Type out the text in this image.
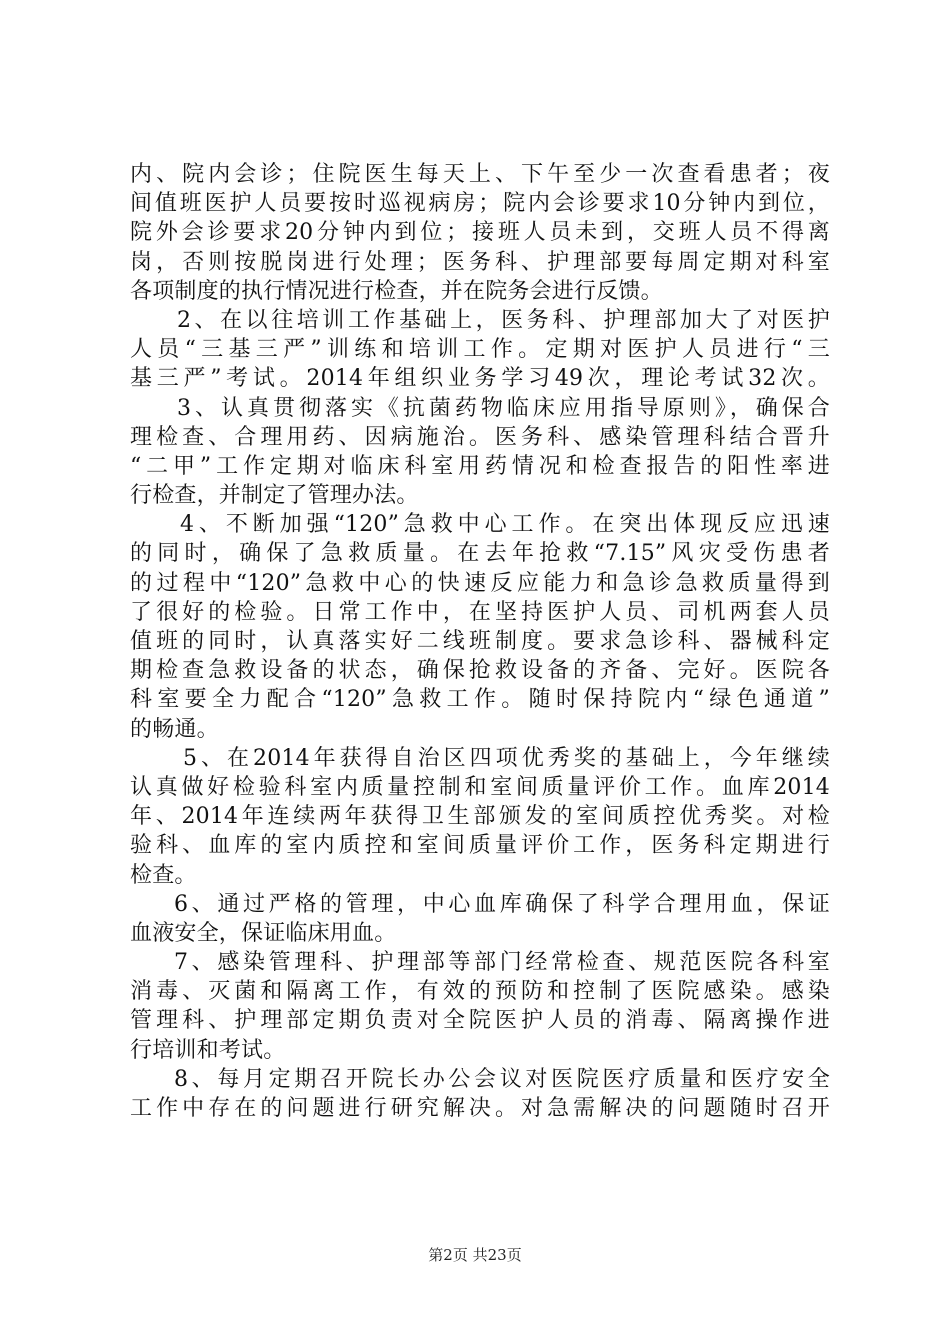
内、院内会诊；住院医生每天上、下午至少一次查看患者；夜
间值班医护人员要按时巡视病房；院内会诊要求10分钟内到位，
院外会诊要求20分钟内到位；接班人员未到，交班人员不得离
岗，否则按脱岗进行处理；医务科、护理部要每周定期对科室
各项制度的执行情况进行检查，并在院务会进行反馈。
2、在以往培训工作基础上，医务科、护理部加大了对医护
人员“三基三严”训练和培训工作。定期对医护人员进行“三
基三严”考试。2014年组织业务学习49次，理论考试32次。
3、认真贯彻落实《抗菌药物临床应用指导原则》，确保合
理检查、合理用药、因病施治。医务科、感染管理科结合晋升
“二甲”工作定期对临床科室用药情况和检查报告的阳性率进
行检查，并制定了管理办法。
4、不断加强“120”急救中心工作。在突出体现反应迅速
的同时，确保了急救质量。在去年抢救“7.15”风灾受伤患者
的过程中“120”急救中心的快速反应能力和急诊急救质量得到
了很好的检验。日常工作中，在坚持医护人员、司机两套人员
值班的同时，认真落实好二线班制度。要求急诊科、器械科定
期检查急救设备的状态，确保抢救设备的齐备、完好。医院各
科室要全力配合“120”急救工作。随时保持院内“绿色通道”
的畅通。
5、在2014年获得自治区四项优秀奖的基础上，今年继续
认真做好检验科室内质量控制和室间质量评价工作。血库2014
年、2014年连续两年获得卫生部颁发的室间质控优秀奖。对检
验科、血库的室内质控和室间质量评价工作，医务科定期进行
检查。
6、通过严格的管理，中心血库确保了科学合理用血，保证
血液安全，保证临床用血。
7、感染管理科、护理部等部门经常检查、规范医院各科室
消毒、灭菌和隔离工作，有效的预防和控制了医院感染。感染
管理科、护理部定期负责对全院医护人员的消毒、隔离操作进
行培训和考试。
8、每月定期召开院长办公会议对医院医疗质量和医疗安全
工作中存在的问题进行研究解决。对急需解决的问题随时召开
第2页 共23页
